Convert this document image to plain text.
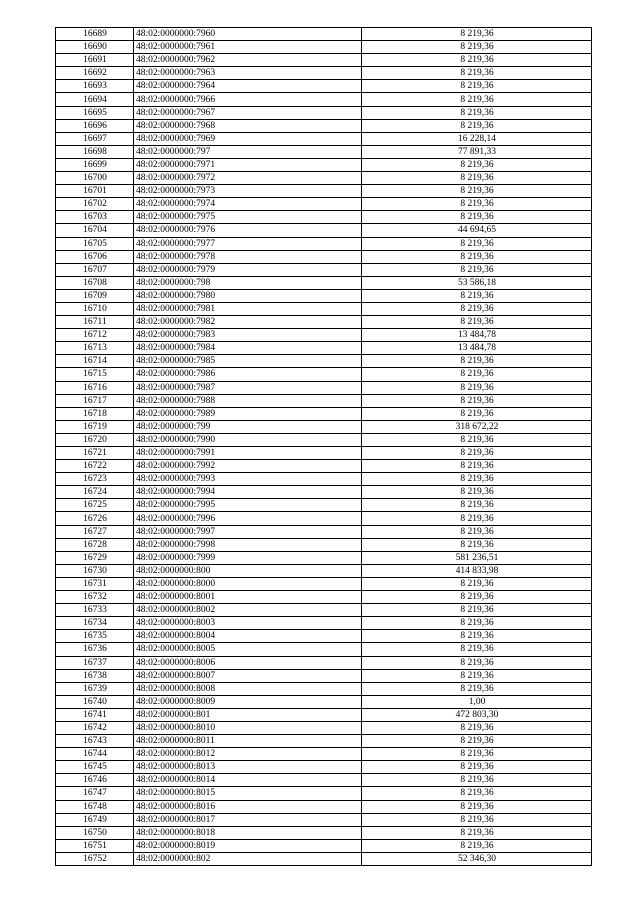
16689	48:02:0000000:7960	8 219,36
16690	48:02:0000000:7961	8 219,36
16691	48:02:0000000:7962	8 219,36
16692	48:02:0000000:7963	8 219,36
16693	48:02:0000000:7964	8 219,36
16694	48:02:0000000:7966	8 219,36
16695	48:02:0000000:7967	8 219,36
16696	48:02:0000000:7968	8 219,36
16697	48:02:0000000:7969	16 228,14
16698	48:02:0000000:797	77 891,33
16699	48:02:0000000:7971	8 219,36
16700	48:02:0000000:7972	8 219,36
16701	48:02:0000000:7973	8 219,36
16702	48:02:0000000:7974	8 219,36
16703	48:02:0000000:7975	8 219,36
16704	48:02:0000000:7976	44 694,65
16705	48:02:0000000:7977	8 219,36
16706	48:02:0000000:7978	8 219,36
16707	48:02:0000000:7979	8 219,36
16708	48:02:0000000:798	53 586,18
16709	48:02:0000000:7980	8 219,36
16710	48:02:0000000:7981	8 219,36
16711	48:02:0000000:7982	8 219,36
16712	48:02:0000000:7983	13 484,78
16713	48:02:0000000:7984	13 484,78
16714	48:02:0000000:7985	8 219,36
16715	48:02:0000000:7986	8 219,36
16716	48:02:0000000:7987	8 219,36
16717	48:02:0000000:7988	8 219,36
16718	48:02:0000000:7989	8 219,36
16719	48:02:0000000:799	318 672,22
16720	48:02:0000000:7990	8 219,36
16721	48:02:0000000:7991	8 219,36
16722	48:02:0000000:7992	8 219,36
16723	48:02:0000000:7993	8 219,36
16724	48:02:0000000:7994	8 219,36
16725	48:02:0000000:7995	8 219,36
16726	48:02:0000000:7996	8 219,36
16727	48:02:0000000:7997	8 219,36
16728	48:02:0000000:7998	8 219,36
16729	48:02:0000000:7999	581 236,51
16730	48:02:0000000:800	414 833,98
16731	48:02:0000000:8000	8 219,36
16732	48:02:0000000:8001	8 219,36
16733	48:02:0000000:8002	8 219,36
16734	48:02:0000000:8003	8 219,36
16735	48:02:0000000:8004	8 219,36
16736	48:02:0000000:8005	8 219,36
16737	48:02:0000000:8006	8 219,36
16738	48:02:0000000:8007	8 219,36
16739	48:02:0000000:8008	8 219,36
16740	48:02:0000000:8009	1,00
16741	48:02:0000000:801	472 803,30
16742	48:02:0000000:8010	8 219,36
16743	48:02:0000000:8011	8 219,36
16744	48:02:0000000:8012	8 219,36
16745	48:02:0000000:8013	8 219,36
16746	48:02:0000000:8014	8 219,36
16747	48:02:0000000:8015	8 219,36
16748	48:02:0000000:8016	8 219,36
16749	48:02:0000000:8017	8 219,36
16750	48:02:0000000:8018	8 219,36
16751	48:02:0000000:8019	8 219,36
16752	48:02:0000000:802	52 346,30
